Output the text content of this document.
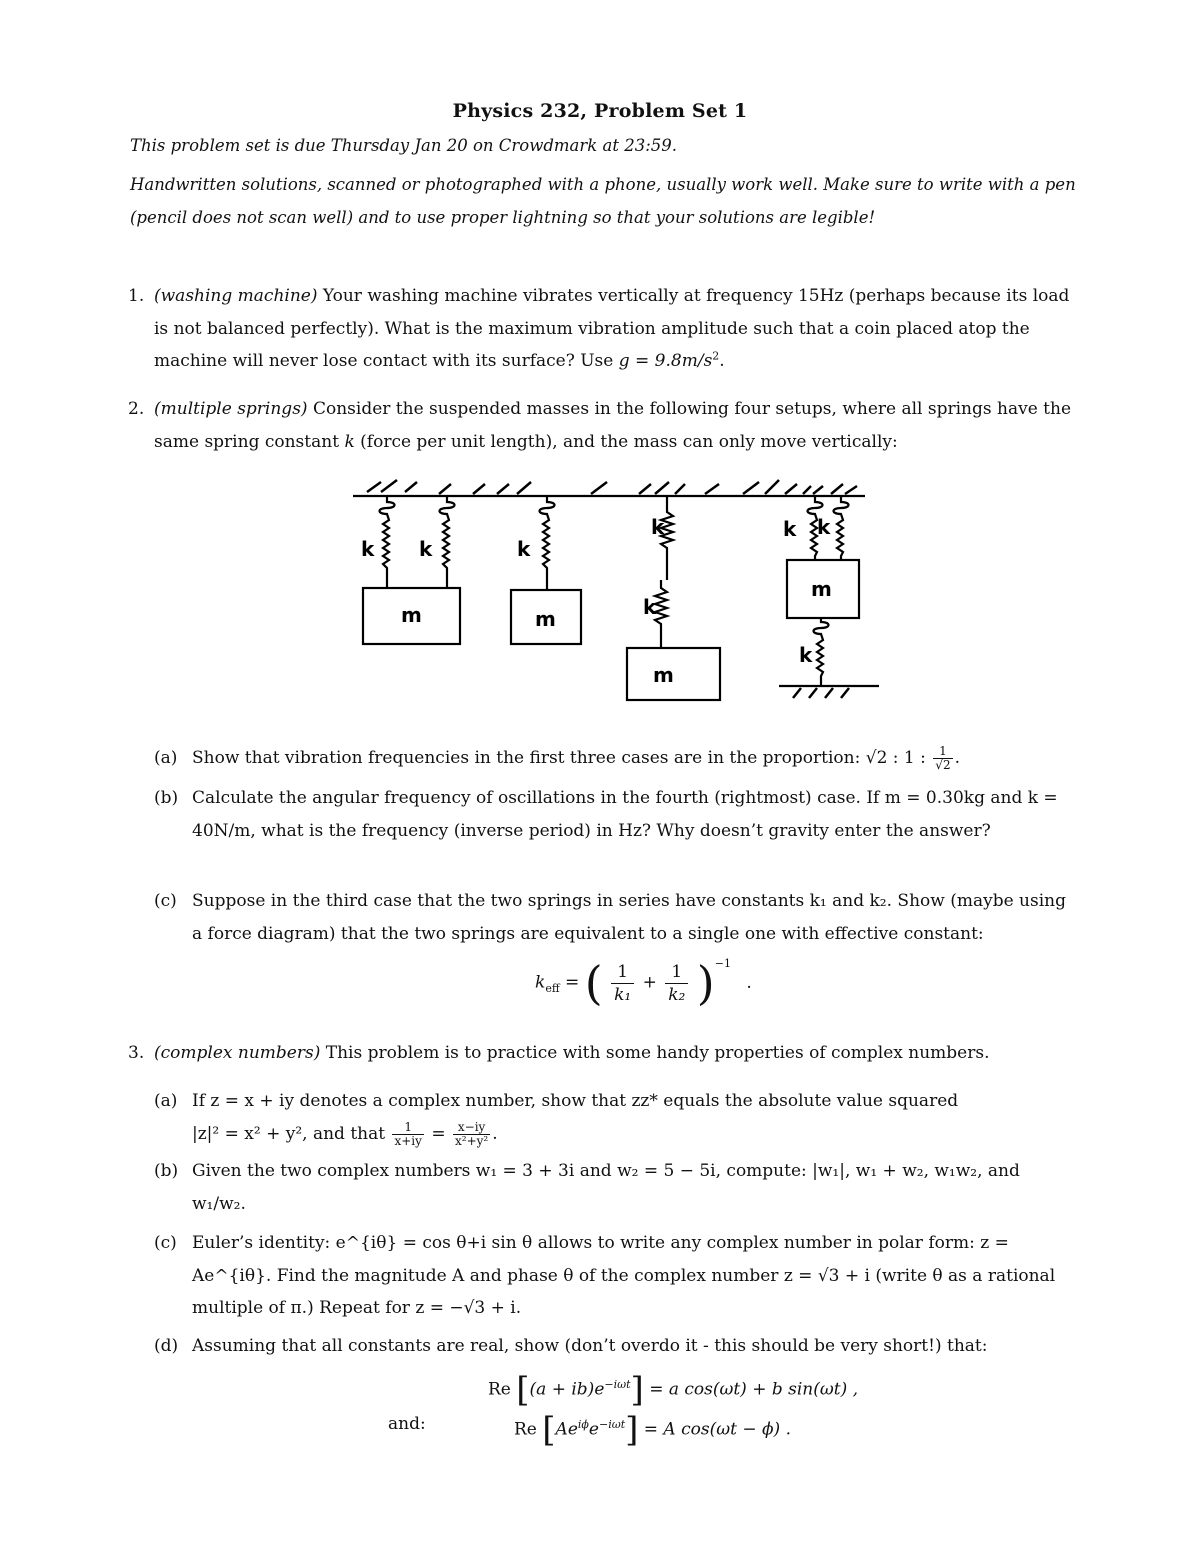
Physics 232, Problem Set 1
This problem set is due Thursday Jan 20 on Crowdmark at 23:59.
Handwritten solutions, scanned or photographed with a phone, usually work well. Make sure to write with a pen (pencil does not scan well) and to use proper lightning so that your solutions are legible!
1. (washing machine) Your washing machine vibrates vertically at frequency 15Hz (perhaps because its load is not balanced perfectly). What is the maximum vibration amplitude such that a coin placed atop the machine will never lose contact with its surface? Use $g = 9.8m/s^2$.
2. (multiple springs) Consider the suspended masses in the following four setups, where all springs have the same spring constant k (force per unit length), and the mass can only move vertically:
k k
m
k
m
k
k
m
k k
m
k
(a) Show that vibration frequencies in the first three cases are in the proportion: √2 : 1 : $\frac{1}{√2}$ .
(b) Calculate the angular frequency of oscillations in the fourth (rightmost) case. If m = 0.30kg and k = 40N/m, what is the frequency (inverse period) in Hz? Why doesn’t gravity enter the answer?
(c) Suppose in the third case that the two springs in series have constants k₁ and k₂. Show (maybe using a force diagram) that the two springs are equivalent to a single one with effective constant:
$k_{eff}$ = ( $\frac{1}{\text{k₁}} + \frac{1}{\text{k₂}} )^{-1}$ .
3. (complex numbers) This problem is to practice with some handy properties of complex numbers.
(a) If z = x + iy denotes a complex number, show that zz* equals the absolute value squared
|z|² = x² + y², and that $\frac{1}{x+iy} = \frac{x-iy}{\text{x²+y²}}$ .
(b) Given the two complex numbers w₁ = 3 + 3i and w₂ = 5 − 5i, compute: |w₁|, w₁ + w₂, w₁w₂, and w₁/w₂.
(c) Euler’s identity: e^{iθ} = cos θ+i sin θ allows to write any complex number in polar form: z = Ae^{iθ}. Find the magnitude A and phase θ of the complex number z = √3 + i (write θ as a rational multiple of π.) Repeat for z = −√3 + i.
(d) Assuming that all constants are real, show (don’t overdo it - this should be very short!) that:
Re $[(a + ib)e^{-i\omega t}] = a$ cos(ωt) + b sin(ωt) ,
and:	Re $[Ae^{i\phi}e^{-i\omega t}] = A$ cos(ωt − ϕ) .
